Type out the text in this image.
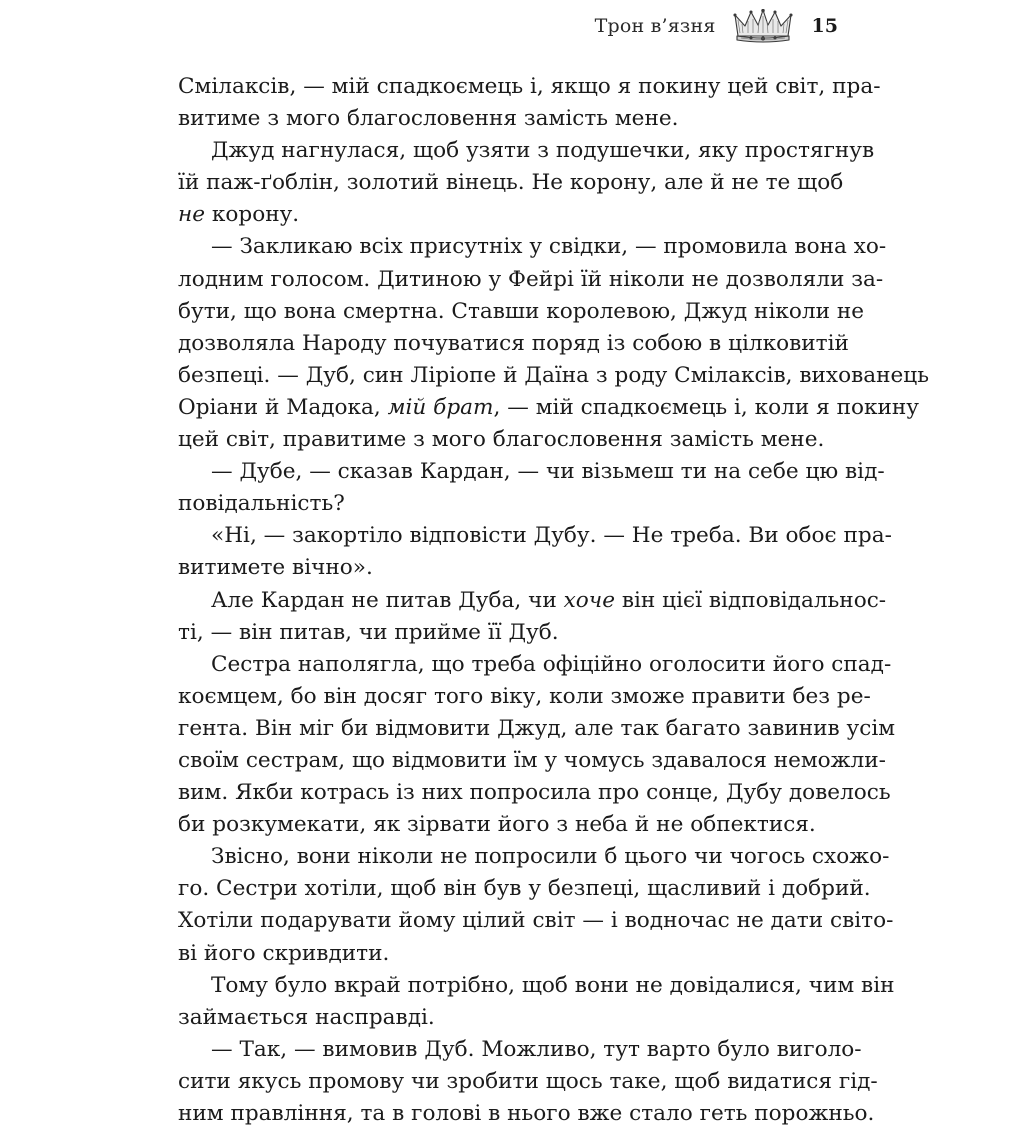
Трон в’язня	15
Смілаксів, — мій спадкоємець і, якщо я покину цей світ, пра-
витиме з мого благословення замість мене.
Джуд нагнулася, щоб узяти з подушечки, яку простягнув
їй паж-ґоблін, золотий вінець. Не корону, але й не те щоб
не корону.
— Закликаю всіх присутніх у свідки, — промовила вона хо-
лодним голосом. Дитиною у Фейрі їй ніколи не дозволяли за-
бути, що вона смертна. Ставши королевою, Джуд ніколи не
дозволяла Народу почуватися поряд із собою в цілковитій
безпеці. — Дуб, син Ліріопе й Даїна з роду Смілаксів, вихованець
Оріани й Мадока, мій брат, — мій спадкоємець і, коли я покину
цей світ, правитиме з мого благословення замість мене.
— Дубе, — сказав Кардан, — чи візьмеш ти на себе цю від-
повідальність?
«Ні, — закортіло відповісти Дубу. — Не треба. Ви обоє пра-
витимете вічно».
Але Кардан не питав Дуба, чи хоче він цієї відповідальнос-
ті, — він питав, чи прийме її Дуб.
Сестра наполягла, що треба офіційно оголосити його спад-
коємцем, бо він досяг того віку, коли зможе правити без ре-
гента. Він міг би відмовити Джуд, але так багато завинив усім
своїм сестрам, що відмовити їм у чомусь здавалося неможли-
вим. Якби котрась із них попросила про сонце, Дубу довелось
би розкумекати, як зірвати його з неба й не обпектися.
Звісно, вони ніколи не попросили б цього чи чогось схожо-
го. Сестри хотіли, щоб він був у безпеці, щасливий і добрий.
Хотіли подарувати йому цілий світ — і водночас не дати світо-
ві його скривдити.
Тому було вкрай потрібно, щоб вони не довідалися, чим він
займається насправді.
— Так, — вимовив Дуб. Можливо, тут варто було виголо-
сити якусь промову чи зробити щось таке, щоб видатися гід-
ним правління, та в голові в нього вже стало геть порожньо.
